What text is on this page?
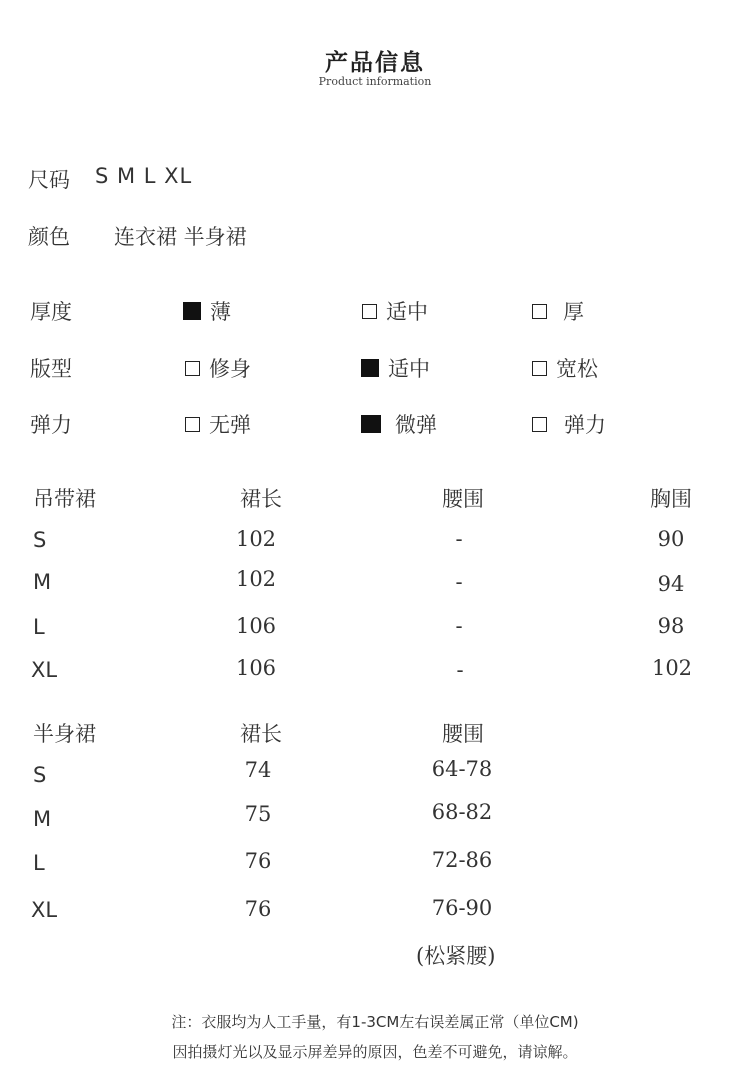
产品信息
Product information
尺码 S M L XL
颜色 连衣裙 半身裙
厚度	薄	适中	厚
版型	修身	适中	宽松
弹力	无弹	微弹	弹力
吊带裙	裙长	腰围	胸围
S	102	-	90
M	102	-	94
L	106	-	98
XL	106	-	102
半身裙	裙长	腰围
S	74	64-78
M	75	68-82
L	76	72-86
XL	76	76-90
(松紧腰)
注：衣服均为人工手量，有1-3CM左右误差属正常（单位CM)
因拍摄灯光以及显示屏差异的原因，色差不可避免，请谅解。
